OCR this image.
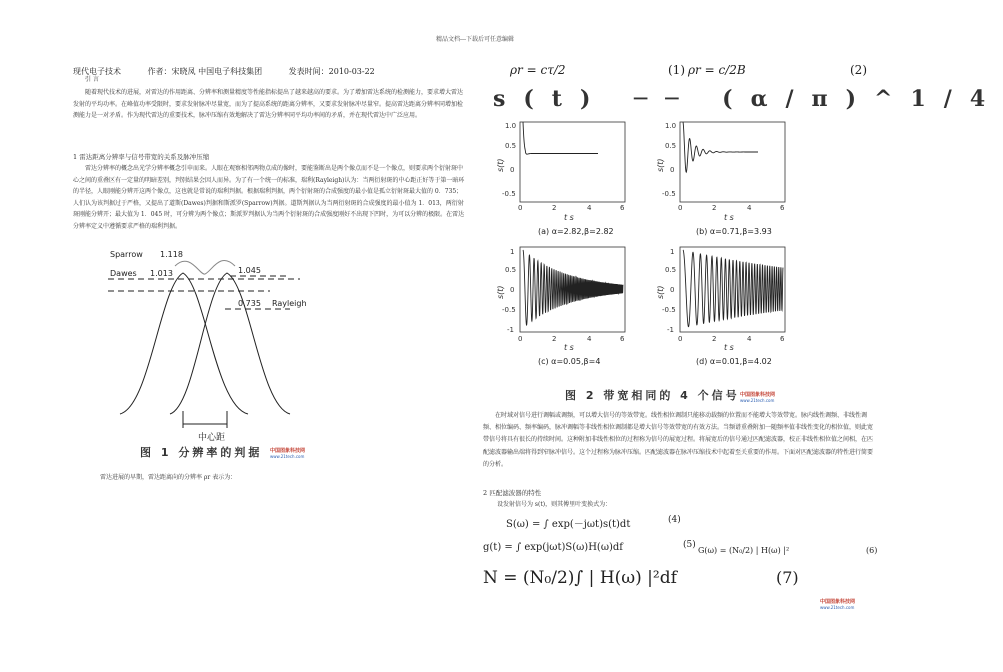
精品文档---下载后可任意编辑
现代电子技术	作者：宋晓凤 中国电子科技集团	发表时间：2010-03-22
引 言

随着现代技术的进展，对雷达的作用距离、分辨率和测量精度等性能指标提出了越来越高的要求。为了增加雷达系统的检测能力，要求增大雷达发射的平均功率。在峰值功率受限时，要求发射脉冲尽量宽，而为了提高系统的距离分辨率，又要求发射脉冲尽量窄。提高雷达距离分辨率同增加检测能力是一对矛盾。作为现代雷达的重要技术，脉冲压缩有效地解决了雷达分辨率同平均功率间的矛盾，并在现代雷达中广泛应用。

1 雷达距离分辨率与信号带宽的关系及脉冲压缩

雷达分辨率的概念出光学分辨率概念引申而来。人眼在观察相邻两物点成的像时，要能鉴断出是两个像点而不是一个像点，则要求两个衍射斑中心之间的重叠区有一定量的明暗差别，判别结果会因人而异。为了有一个统一的标准，瑞利(Rayleigh)认为：当两衍射斑的中心距正好等于第一暗环的半径，人眼刚能分辨开这两个像点，这也就是常说的瑞利判据。根据瑞利判据，两个衍射斑的合成强度的最小值是孤立衍射斑最大值的 0．735；人们认为该判据过于严格，又提出了道斯(Dawes)判据和斯派罗(Sparrow)判据。道斯判据认为当两衍射斑的合成强度的最小值为 1．013，两衍射斑刚能分辨开；最大值为 1．045 时，可分辨为两个像点；斯派罗判据认为当两个衍射斑的合成强度刚好不出现下凹时，为可以分辨的极限。在雷达分辨率定义中遵循要求严格的瑞利判据。

Sparrow 1.118
Dawes 1.013	1.045
0.735 Rayleigh
中心距
图 1 分辨率的判据 中国图象科技网
www.21tech.com
雷达进展的早期，雷达距离向的分辨率 ρr 表示为：
ρr = cτ/2	(1) ρr = c/2B	(2)
s(t) ── (α/π)^1/4
1.0
0.5
0
-0.5
0	2	4	6
s(t)
t s
(a) α=2.82,β=2.82
1.0
0.5
0
-0.5
0	2	4	6
s(t)
t s
(b) α=0.71,β=3.93
1
0.5
0
-0.5
-1
0	2	4	6
s(t)
t s
(c) α=0.05,β=4
1
0.5
0
-0.5
-1
0	2	4	6
s(t)
t s
(d) α=0.01,β=4.02
图 2 带宽相同的 4 个信号 中国图象科技网
www.21tech.com

在时域对信号进行调幅或调频，可以增大信号的等效带宽。线性相位调制只能移动载频的位置而不能增大等效带宽。脉内线性调频、非线性调频、相位编码、频率编码，脉冲调幅等非线性相位调制都是增大信号等效带宽的有效方法。当频谱重叠附加一随频率值非线性变化的相位值，则此宽带信号将具有很长的持续时间。这种附加非线性相位的过程称为信号的展宽过程。将展宽后的信号通过匹配滤波器，校正非线性相位值之间相，在匹配滤波器输出端将得到窄脉冲信号。这个过程称为脉冲压缩。匹配滤波器在脉冲压缩技术中起着至关重要的作用。下面对匹配滤波器的特性进行简要的分析。

2 匹配滤波器的特性
设发射信号为 s(t)，则其傅里叶变换式为：
S(ω) = ∫ exp(－jωt)s(t)dt	(4)
g(t) = ∫ exp(jωt)S(ω)H(ω)df	(5)
G(ω) = (N₀/2) | H(ω) |²	(6)
N = (N₀/2)∫ | H(ω) |²df	(7)
中国图象科技网
www.21tech.com
